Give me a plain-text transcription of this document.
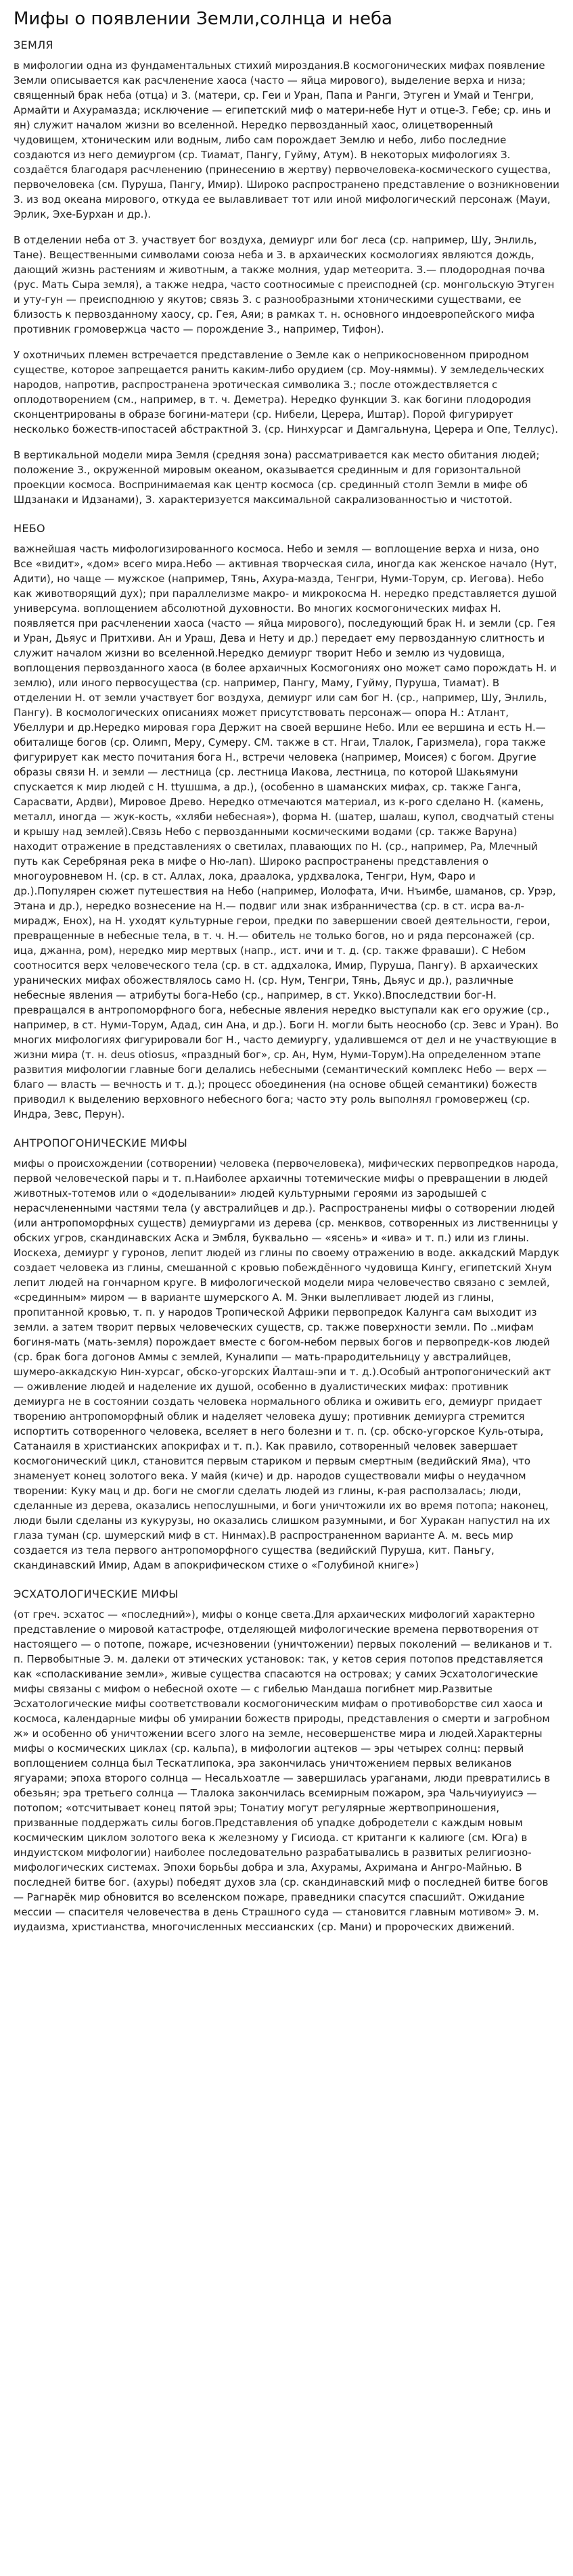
Мифы о появлении Земли,солнца и неба
ЗЕМЛЯ

в мифологии одна из фундаментальных стихий мироздания.В космогонических мифах появление Земли описывается как расчленение хаоса (часто — яйца мирового), выделение верха и низа; священный брак неба (отца) и З. (матери, ср. Геи и Уран, Папа и Ранги, Этуген и Умай и Тенгри, Армайти и Ахурамазда; исключение — египетский миф о матери-небе Нут и отце-З. Гебе; ср. инь и ян) служит началом жизни во вселенной. Нередко первозданный хаос, олицетворенный чудовищем, хтоническим или водным, либо сам порождает Землю и небо, либо последние создаются из него демиургом (ср. Тиамат, Пангу, Гуйму, Атум). В некоторых мифологиях З. создаётся благодаря расчленению (принесению в жертву) первочеловека-космического существа, первочеловека (см. Пуруша, Пангу, Имир). Широко распространено представление о возникновении З. из вод океана мирового, откуда ее вылавливает тот или иной мифологический персонаж (Мауи, Эрлик, Эхе-Бурхан и др.).

В отделении неба от З. участвует бог воздуха, демиург или бог леса (ср. например, Шу, Энлиль, Тане). Вещественными символами союза неба и З. в архаических космологиях являются дождь, дающий жизнь растениям и животным, а также молния, удар метеорита. З.— плодородная почва (рус. Мать Сыра земля), а также недра, часто соотносимые с преисподней (ср. монгольскую Этуген и уту-гун — преисподнюю у якутов; связь З. с разнообразными хтоническими существами, ее близость к первозданному хаосу, ср. Гея, Аяи; в рамках т. н. основного индоевропейского мифа противник громовержца часто — порождение З., например, Тифон).

У охотничьих племен встречается представление о Земле как о неприкосновенном природном существе, которое запрещается ранить каким-либо орудием (ср. Моу-няммы). У земледельческих народов, напротив, распространена эротическая символика З.; после отождествляется с оплодотворением (см., например, в т. ч. Деметра). Нередко функции З. как богини плодородия сконцентрированы в образе богини-матери (ср. Нибели, Церера, Иштар). Порой фигурирует несколько божеств-ипостасей абстрактной З. (ср. Нинхурсаг и Дамгальнуна, Церера и Опе, Теллус).

В вертикальной модели мира Земля (средняя зона) рассматривается как место обитания людей; положение З., окруженной мировым океаном, оказывается срединным и для горизонтальной проекции космоса. Воспринимаемая как центр космоса (ср. срединный столп Земли в мифе об Шдзанаки и Идзанами), З. характеризуется максимальной сакрализованностью и чистотой.

НЕБО

важнейшая часть мифологизированного космоса. Небо и земля — воплощение верха и низа, оно Все «видит», «дом» всего мира.Небо — активная творческая сила, иногда как женское начало (Нут, Адити), но чаще — мужское (например, Тянь, Ахура-мазда, Тенгри, Нуми-Торум, ср. Иегова). Небо как животворящий дух); при параллелизме макро- и микрокосма Н. нередко представляется душой универсума. воплощением абсолютной духовности. Во многих космогонических мифах Н. появляется при расчленении хаоса (часто — яйца мирового), последующий брак Н. и земли (ср. Гея и Уран, Дьяус и Притхиви. Ан и Ураш, Дева и Нету и др.) передает ему первозданную слитность и служит началом жизни во вселенной.Нередко демиург творит Небо и землю из чудовища, воплощения первозданного хаоса (в более архаичных Космогониях оно может само порождать Н. и землю), или иного первосущества (ср. например, Пангу, Маму, Гуйму, Пуруша, Тиамат). В отделении Н. от земли участвует бог воздуха, демиург или сам бог Н. (ср., например, Шу, Энлиль, Пангу). В космологических описаниях может присутствовать персонаж— опора Н.: Атлант, Убеллури и др.Нередко мировая гора Держит на своей вершине Небо. Или ее вершина и есть Н.— обиталище богов (ср. Олимп, Меру, Сумеру. СМ. также в ст. Нгаи, Тлалок, Гаризмела), гора также фигурирует как место почитания бога Н., встречи человека (например, Моисея) с богом. Другие образы связи Н. и земли — лестница (ср. лестница Иакова, лестница, по которой Шакьямуни спускается к мир людей с Н. ttyшшма, а др.), (особенно в шаманских мифах, ср. также Ганга, Сарасвати, Ардви), Мировое Древо. Нередко отмечаются материал, из к-рого сделано Н. (камень, металл, иногда — жук-кость, «хляби небесная»), форма Н. (шатер, шалаш, купол, сводчатый стены и крышу над землей).Связь Небо с первозданными космическими водами (ср. также Варуна) находит отражение в представлениях о светилах, плавающих по Н. (ср., например, Ра, Млечный путь как Серебряная река в мифе о Ню-лап). Широко распространены представления о многоуровневом Н. (ср. в ст. Аллах, лока, драалока, урдхвалока, Тенгри, Нум, Фаро и др.).Популярен сюжет путешествия на Небо (например, Иолофата, Ичи. Нъимбе, шаманов, ср. Урэр, Этана и др.), нередко вознесение на Н.— подвиг или знак избранничества (ср. в ст. исра ва-л-мирадж, Енох), на Н. уходят культурные герои, предки по завершении своей деятельности, герои, превращенные в небесные тела, в т. ч. Н.— обитель не только богов, но и ряда персонажей (ср. ица, джанна, ром), нередко мир мертвых (напр., ист. ичи и т. д. (ср. также фраваши). С Небом соотносится верх человеческого тела (ср. в ст. аддхалока, Имир, Пуруша, Пангу). В архаических уранических мифах обожествлялось само Н. (ср. Нум, Тенгри, Тянь, Дьяус и др.), различные небесные явления — атрибуты бога-Небо (ср., например, в ст. Укко).Впоследствии бог-Н. превращался в антропоморфного бога, небесные явления нередко выступали как его оружие (ср., например, в ст. Нуми-Торум, Адад, син Ана, и др.). Боги Н. могли быть неоснобо (ср. Зевс и Уран). Во многих мифологиях фигурировали бог Н., часто демиургу, удалившемся от дел и не участвующие в жизни мира (т. н. deus otiosus, «праздный бог», ср. Ан, Нум, Нуми-Торум).На определенном этапе развития мифологии главные боги делались небесными (семантический комплекс Небо — верх — благо — власть — вечность и т. д.); процесс обоединения (на основе общей семантики) божеств приводил к выделению верховного небесного бога; часто эту роль выполнял громовержец (ср. Индра, Зевс, Перун).

АНТРОПОГОНИЧЕСКИЕ МИФЫ

мифы о происхождении (сотворении) человека (первочеловека), мифических первопредков народа, первой человеческой пары и т. п.Наиболее архаичны тотемические мифы о превращении в людей животных-тотемов или о «доделывании» людей культурными героями из зародышей с нерасчлененными частями тела (у австралийцев и др.). Распространены мифы о сотворении людей (или антропоморфных существ) демиургами из дерева (ср. менквов, сотворенных из лиственницы у обских угров, скандинавских Аска и Эмбля, буквально — «ясень» и «ива» и т. п.) или из глины. Иоскеха, демиург у гуронов, лепит людей из глины по своему отражению в воде. аккадский Мардук создает человека из глины, смешанной с кровью побеждённого чудовища Кингу, египетский Хнум лепит людей на гончарном круге. В мифологической модели мира человечество связано с землей, «срединным» миром — в варианте шумерского А. М. Энки вылепливает людей из глины, пропитанной кровью, т. п. у народов Тропической Африки первопредок Калунга сам выходит из земли. а затем творит первых человеческих существ, ср. также поверхности земли. По ..мифам богиня-мать (мать-земля) порождает вместе с богом-небом первых богов и первопредк-ков людей (ср. брак бога догонов Аммы с землей, Куналипи — мать-прародительницу у австралийцев, шумеро-аккадскую Нин-хурсаг, обско-угорских Йалташ-эпи и т. д.).Особый антропогонический акт — оживление людей и наделение их душой, особенно в дуалистических мифах: противник демиурга не в состоянии создать человека нормального облика и оживить его, демиург придает творению антропоморфный облик и наделяет человека душу; противник демиурга стремится испортить сотворенного человека, вселяет в него болезни и т. п. (ср. обско-угорское Куль-отыра, Сатанаиля в христианских апокрифах и т. п.). Как правило, сотворенный человек завершает космогонический цикл, становится первым стариком и первым смертным (ведийский Яма), что знаменует конец золотого века. У майя (киче) и др. народов существовали мифы о неудачном творении: Куку мац и др. боги не смогли сделать людей из глины, к-рая расползалась; люди, сделанные из дерева, оказались непослушными, и боги уничтожили их во время потопа; наконец, люди были сделаны из кукурузы, но оказались слишком разумными, и бог Хуракан напустил на их глаза туман (ср. шумерский миф в ст. Нинмах).В распространенном варианте А. м. весь мир создается из тела первого антропоморфного существа (ведийский Пуруша, кит. Паньгу, скандинавский Имир, Адам в апокрифическом стихе о «Голубиной книге»)

ЭСХАТОЛОГИЧЕСКИЕ МИФЫ

(от греч. эсхатос — «последний»), мифы о конце света.Для архаических мифологий характерно представление о мировой катастрофе, отделяющей мифологические времена первотворения от настоящего — о потопе, пожаре, исчезновении (уничтожении) первых поколений — великанов и т. п. Первобытные Э. м. далеки от этических установок: так, у кетов серия потопов представляется как «споласкивание земли», живые существа спасаются на островах; у самих Эсхатологические мифы связаны с мифом о небесной охоте — с гибелью Мандаша погибнет мир.Развитые Эсхатологические мифы соответствовали космогоническим мифам о противоборстве сил хаоса и космоса, календарные мифы об умирании божеств природы, представления о смерти и загробном ж» и особенно об уничтожении всего злого на земле, несовершенстве мира и людей.Характерны мифы о космических циклах (ср. кальпа), в мифологии ацтеков — эры четырех солнц: первый воплощением солнца был Тескатлипока, эра закончилась уничтожением первых великанов ягуарами; эпоха второго солнца — Несальхоатле — завершилась ураганами, люди превратились в обезьян; эра третьего солнца — Тлалока закончилась всемирным пожаром, эра Чальчиуиуисэ — потопом; «отсчитывает конец пятой эры; Тонатиу могут регулярные жертвоприношения, призванные поддержать силы богов.Представления об упадке добродетели с каждым новым космическим циклом золотого века к железному у Гисиода. ст кританги к калиюге (см. Юга) в индуистском мифологии) наиболее последовательно разрабатывались в развитых религиозно-мифологических системах. Эпохи борьбы добра и зла, Ахурамы, Ахримана и Ангро-Майнью. В последней битве бог. (ахуры) победят духов зла (ср. скандинавский миф о последней битве богов — Рагнарёк мир обновится во вселенском пожаре, праведники спасутся спасшийт. Ожидание мессии — спасителя человечества в день Страшного суда — становится главным мотивом» Э. м. иудаизма, христианства, многочисленных мессианских (ср. Мани) и пророческих движений.
